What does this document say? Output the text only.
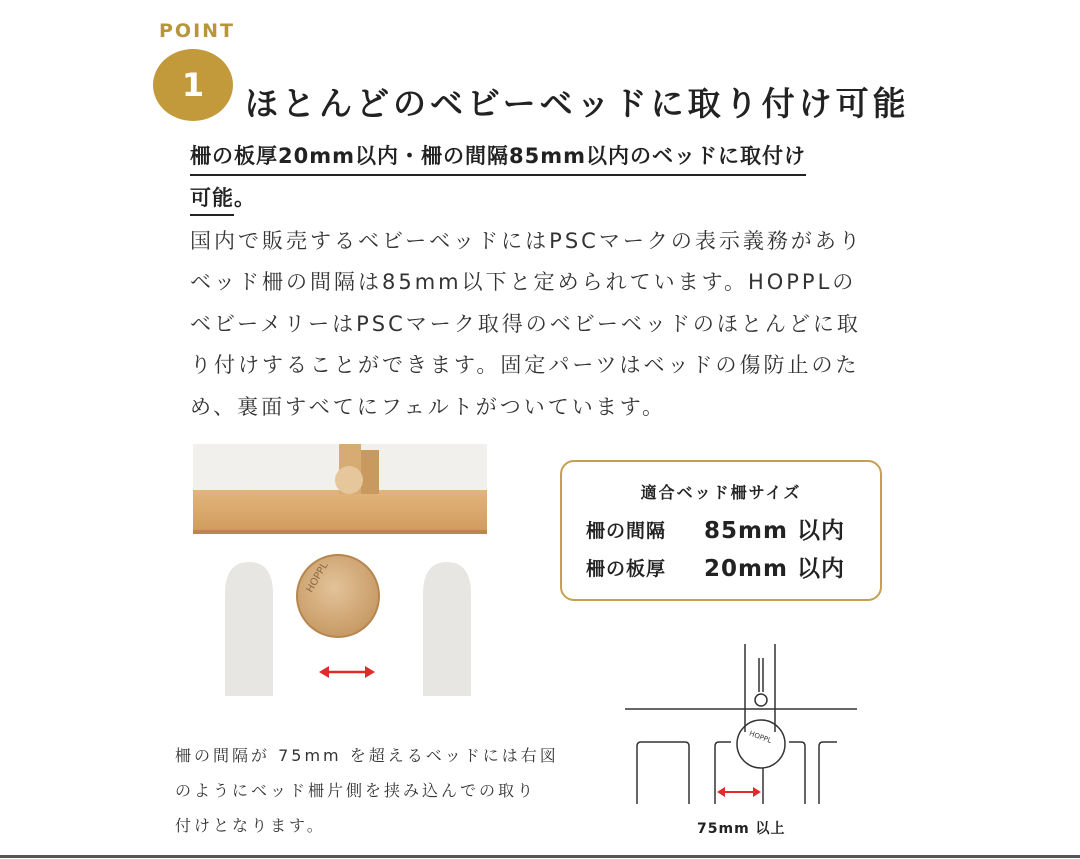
POINT
1	ほとんどのベビーベッドに取り付け可能
柵の板厚20mm以内・柵の間隔85mm以内のベッドに取付け
可能。
国内で販売するベビーベッドにはPSCマークの表示義務があり
ベッド柵の間隔は85mm以下と定められています。HOPPLの
ベビーメリーはPSCマーク取得のベビーベッドのほとんどに取
り付けすることができます。固定パーツはベッドの傷防止のた
め、裏面すべてにフェルトがついています。
HOPPL
適合ベッド柵サイズ
柵の間隔 85mm 以内
柵の板厚 20mm 以内
柵の間隔が 75mm を超えるベッドには右図
のようにベッド柵片側を挟み込んでの取り
付けとなります。
HOPPL
75mm 以上
